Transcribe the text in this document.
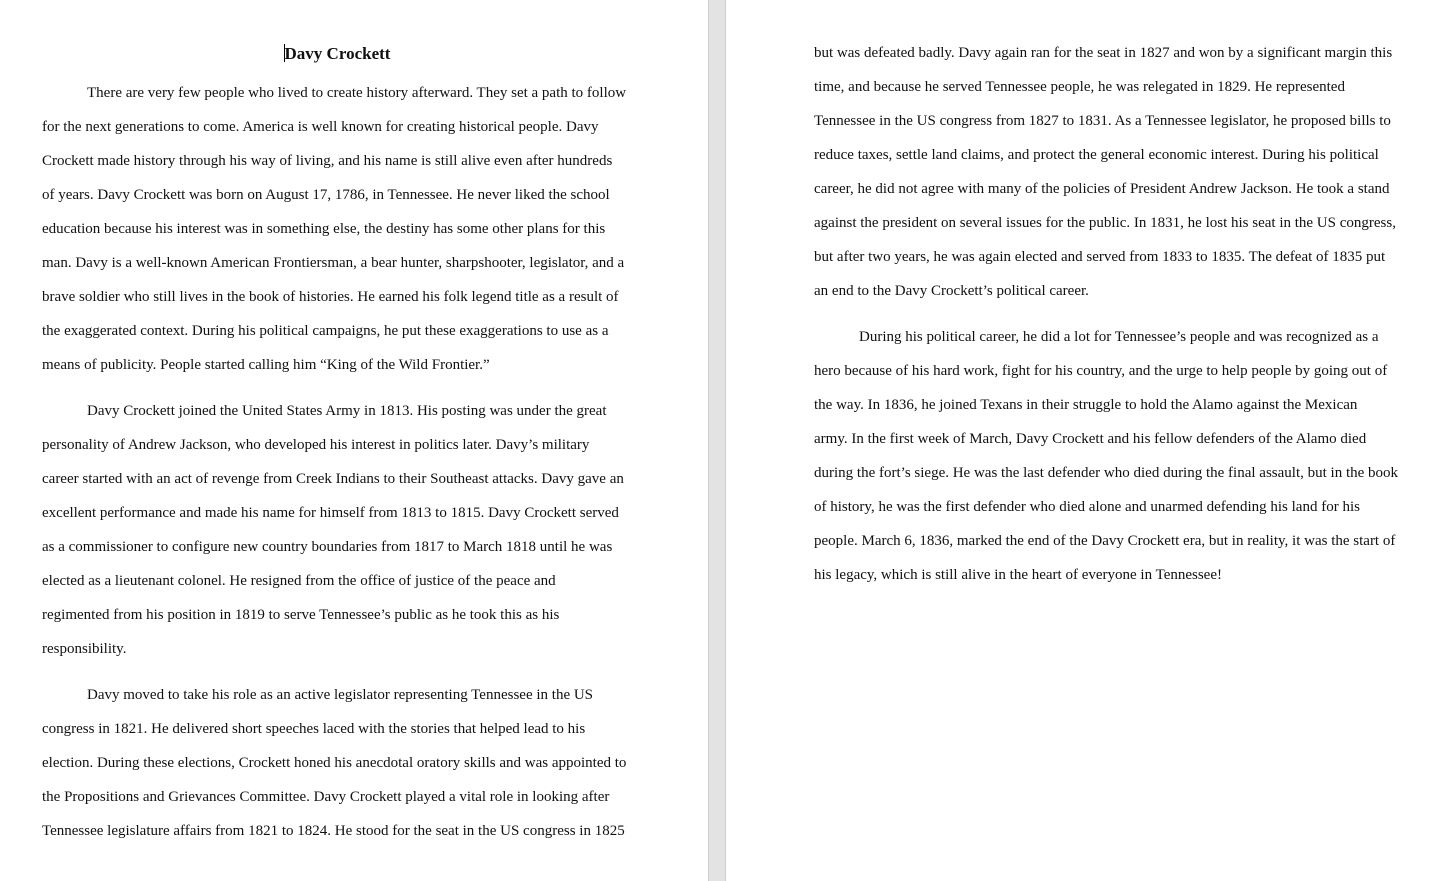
Davy Crockett
There are very few people who lived to create history afterward. They set a path to follow
for the next generations to come. America is well known for creating historical people. Davy
Crockett made history through his way of living, and his name is still alive even after hundreds
of years. Davy Crockett was born on August 17, 1786, in Tennessee. He never liked the school
education because his interest was in something else, the destiny has some other plans for this
man. Davy is a well-known American Frontiersman, a bear hunter, sharpshooter, legislator, and a
brave soldier who still lives in the book of histories. He earned his folk legend title as a result of
the exaggerated context. During his political campaigns, he put these exaggerations to use as a
means of publicity. People started calling him “King of the Wild Frontier.”
Davy Crockett joined the United States Army in 1813. His posting was under the great
personality of Andrew Jackson, who developed his interest in politics later. Davy’s military
career started with an act of revenge from Creek Indians to their Southeast attacks. Davy gave an
excellent performance and made his name for himself from 1813 to 1815. Davy Crockett served
as a commissioner to configure new country boundaries from 1817 to March 1818 until he was
elected as a lieutenant colonel. He resigned from the office of justice of the peace and
regimented from his position in 1819 to serve Tennessee’s public as he took this as his
responsibility.
Davy moved to take his role as an active legislator representing Tennessee in the US
congress in 1821. He delivered short speeches laced with the stories that helped lead to his
election. During these elections, Crockett honed his anecdotal oratory skills and was appointed to
the Propositions and Grievances Committee. Davy Crockett played a vital role in looking after
Tennessee legislature affairs from 1821 to 1824. He stood for the seat in the US congress in 1825
but was defeated badly. Davy again ran for the seat in 1827 and won by a significant margin this
time, and because he served Tennessee people, he was relegated in 1829. He represented
Tennessee in the US congress from 1827 to 1831. As a Tennessee legislator, he proposed bills to
reduce taxes, settle land claims, and protect the general economic interest. During his political
career, he did not agree with many of the policies of President Andrew Jackson. He took a stand
against the president on several issues for the public. In 1831, he lost his seat in the US congress,
but after two years, he was again elected and served from 1833 to 1835. The defeat of 1835 put
an end to the Davy Crockett’s political career.
During his political career, he did a lot for Tennessee’s people and was recognized as a
hero because of his hard work, fight for his country, and the urge to help people by going out of
the way. In 1836, he joined Texans in their struggle to hold the Alamo against the Mexican
army. In the first week of March, Davy Crockett and his fellow defenders of the Alamo died
during the fort’s siege. He was the last defender who died during the final assault, but in the book
of history, he was the first defender who died alone and unarmed defending his land for his
people. March 6, 1836, marked the end of the Davy Crockett era, but in reality, it was the start of
his legacy, which is still alive in the heart of everyone in Tennessee!
